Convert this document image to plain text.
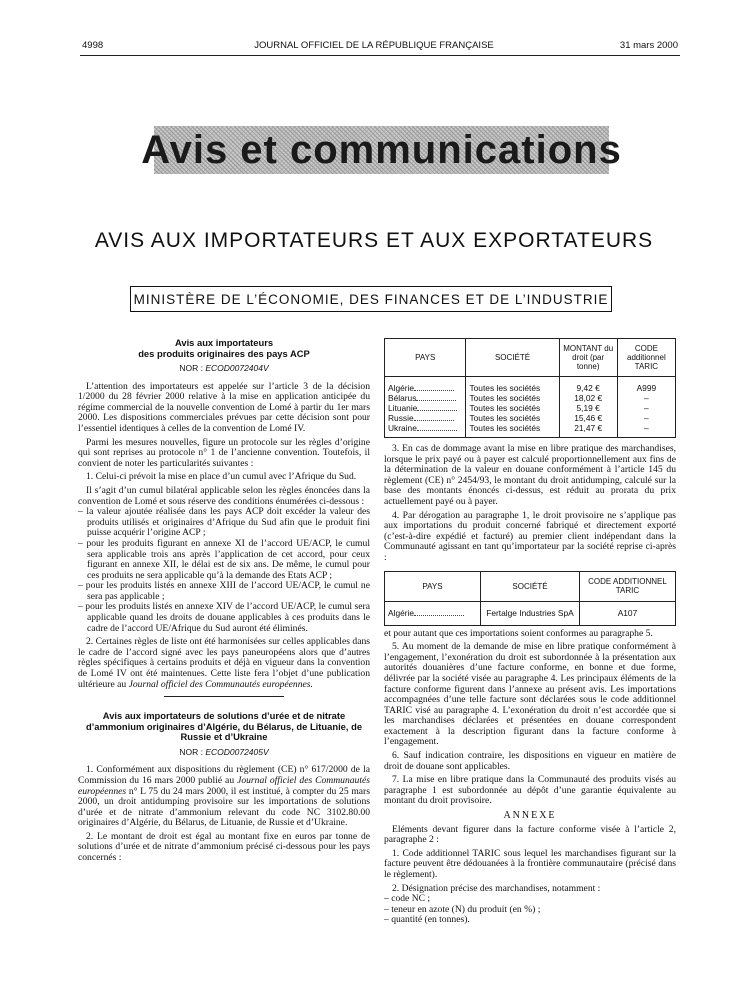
JOURNAL OFFICIEL DE LA RÉPUBLIQUE FRANÇAISE
4998	31 mars 2000
Avis et communications
AVIS AUX IMPORTATEURS ET AUX EXPORTATEURS
MINISTÈRE DE L’ÉCONOMIE, DES FINANCES ET DE L’INDUSTRIE
Avis aux importateurs
des produits originaires des pays ACP
NOR : ECOD0072404V

L’attention des importateurs est appelée sur l’article 3 de la décision 1/2000 du 28 février 2000 relative à la mise en application anticipée du régime commercial de la nouvelle convention de Lomé à partir du 1er mars 2000. Les dispositions commerciales prévues par cette décision sont pour l’essentiel identiques à celles de la convention de Lomé IV.

Parmi les mesures nouvelles, figure un protocole sur les règles d’origine qui sont reprises au protocole n° 1 de l’ancienne convention. Toutefois, il convient de noter les particularités suivantes :

1. Celui-ci prévoit la mise en place d’un cumul avec l’Afrique du Sud.

Il s’agit d’un cumul bilatéral applicable selon les règles énoncées dans la convention de Lomé et sous réserve des conditions énumérées ci-dessous :

– la valeur ajoutée réalisée dans les pays ACP doit excéder la valeur des produits utilisés et originaires d’Afrique du Sud afin que le produit fini puisse acquérir l’origine ACP ;

– pour les produits figurant en annexe XI de l’accord UE/ACP, le cumul sera applicable trois ans après l’application de cet accord, pour ceux figurant en annexe XII, le délai est de six ans. De même, le cumul pour ces produits ne sera applicable qu’à la demande des Etats ACP ;

– pour les produits listés en annexe XIII de l’accord UE/ACP, le cumul ne sera pas applicable ;

– pour les produits listés en annexe XIV de l’accord UE/ACP, le cumul sera applicable quand les droits de douane applicables à ces produits dans le cadre de l’accord UE/Afrique du Sud auront été éliminés.

2. Certaines règles de liste ont été harmonisées sur celles applicables dans le cadre de l’accord signé avec les pays paneuropéens alors que d’autres règles spécifiques à certains produits et déjà en vigueur dans la convention de Lomé IV ont été maintenues. Cette liste fera l’objet d’une publication ultérieure au Journal officiel des Communautés européennes.

Avis aux importateurs de solutions d’urée et de nitrate d’ammonium originaires d’Algérie, du Bélarus, de Lituanie, de Russie et d’Ukraine
NOR : ECOD0072405V

1. Conformément aux dispositions du règlement (CE) n° 617/2000 de la Commission du 16 mars 2000 publié au Journal officiel des Communautés européennes n° L 75 du 24 mars 2000, il est institué, à compter du 25 mars 2000, un droit antidumping provisoire sur les importations de solutions d’urée et de nitrate d’ammonium relevant du code NC 3102.80.00 originaires d’Algérie, du Bélarus, de Lituanie, de Russie et d’Ukraine.

2. Le montant de droit est égal au montant fixe en euros par tonne de solutions d’urée et de nitrate d’ammonium précisé ci-dessous pour les pays concernés :

PAYS	SOCIÉTÉ	MONTANT du droit (par tonne)	CODE additionnel TARIC
Algérie	Toutes les sociétés	9,42 €	A999
Bélarus	Toutes les sociétés	18,02 €	–
Lituanie	Toutes les sociétés	5,19 €	–
Russie	Toutes les sociétés	15,46 €	–
Ukraine	Toutes les sociétés	21,47 €	–

3. En cas de dommage avant la mise en libre pratique des marchandises, lorsque le prix payé ou à payer est calculé proportionnellement aux fins de la détermination de la valeur en douane conformément à l’article 145 du règlement (CE) n° 2454/93, le montant du droit antidumping, calculé sur la base des montants énoncés ci-dessus, est réduit au prorata du prix actuellement payé ou à payer.

4. Par dérogation au paragraphe 1, le droit provisoire ne s’applique pas aux importations du produit concerné fabriqué et directement exporté (c’est-à-dire expédié et facturé) au premier client indépendant dans la Communauté agissant en tant qu’importateur par la société reprise ci-après :

PAYS	SOCIÉTÉ	CODE ADDITIONNEL TARIC
Algérie	Fertalge Industries SpA	A107

et pour autant que ces importations soient conformes au paragraphe 5.

5. Au moment de la demande de mise en libre pratique conformément à l’engagement, l’exonération du droit est subordonnée à la présentation aux autorités douanières d’une facture conforme, en bonne et due forme, délivrée par la société visée au paragraphe 4. Les principaux éléments de la facture conforme figurent dans l’annexe au présent avis. Les importations accompagnées d’une telle facture sont déclarées sous le code additionnel TARIC visé au paragraphe 4. L’exonération du droit n’est accordée que si les marchandises déclarées et présentées en douane correspondent exactement à la description figurant dans la facture conforme à l’engagement.

6. Sauf indication contraire, les dispositions en vigueur en matière de droit de douane sont applicables.

7. La mise en libre pratique dans la Communauté des produits visés au paragraphe 1 est subordonnée au dépôt d’une garantie équivalente au montant du droit provisoire.

ANNEXE

Eléments devant figurer dans la facture conforme visée à l’article 2, paragraphe 2 :

1. Code additionnel TARIC sous lequel les marchandises figurant sur la facture peuvent être dédouanées à la frontière communautaire (précisé dans le règlement).

2. Désignation précise des marchandises, notamment :

– code NC ;

– teneur en azote (N) du produit (en %) ;

– quantité (en tonnes).
